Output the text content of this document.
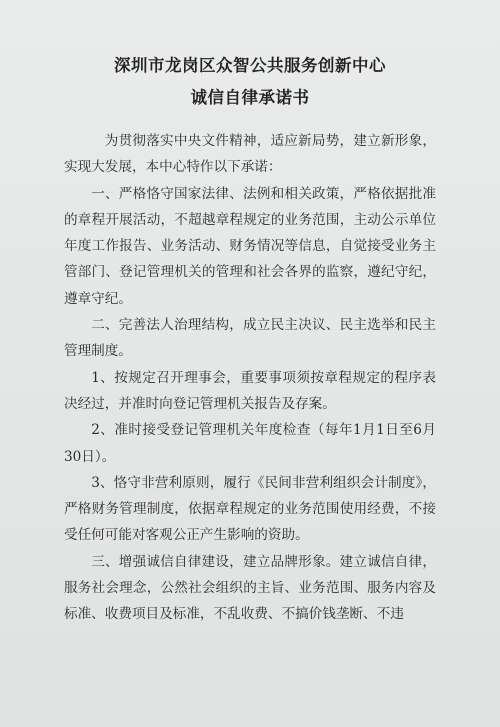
深圳市龙岗区众智公共服务创新中心
诚信自律承诺书

为贯彻落实中央文件精神，适应新局势，建立新形象，实现大发展，本中心特作以下承诺：

一、严格恪守国家法律、法例和相关政策，严格依据批准的章程开展活动，不超越章程规定的业务范围，主动公示单位年度工作报告、业务活动、财务情况等信息，自觉接受业务主管部门、登记管理机关的管理和社会各界的监察，遵纪守纪，遵章守纪。

二、完善法人治理结构，成立民主决议、民主选举和民主管理制度。

1、按规定召开理事会，重要事项须按章程规定的程序表决经过，并准时向登记管理机关报告及存案。

2、准时接受登记管理机关年度检查（每年1月1日至6月30日）。

3、恪守非营利原则，履行《民间非营利组织会计制度》，严格财务管理制度，依据章程规定的业务范围使用经费，不接受任何可能对客观公正产生影响的资助。

三、增强诚信自律建设，建立品牌形象。建立诚信自律，服务社会理念，公然社会组织的主旨、业务范围、服务内容及标准、收费项目及标准，不乱收费、不搞价钱垄断、不违
